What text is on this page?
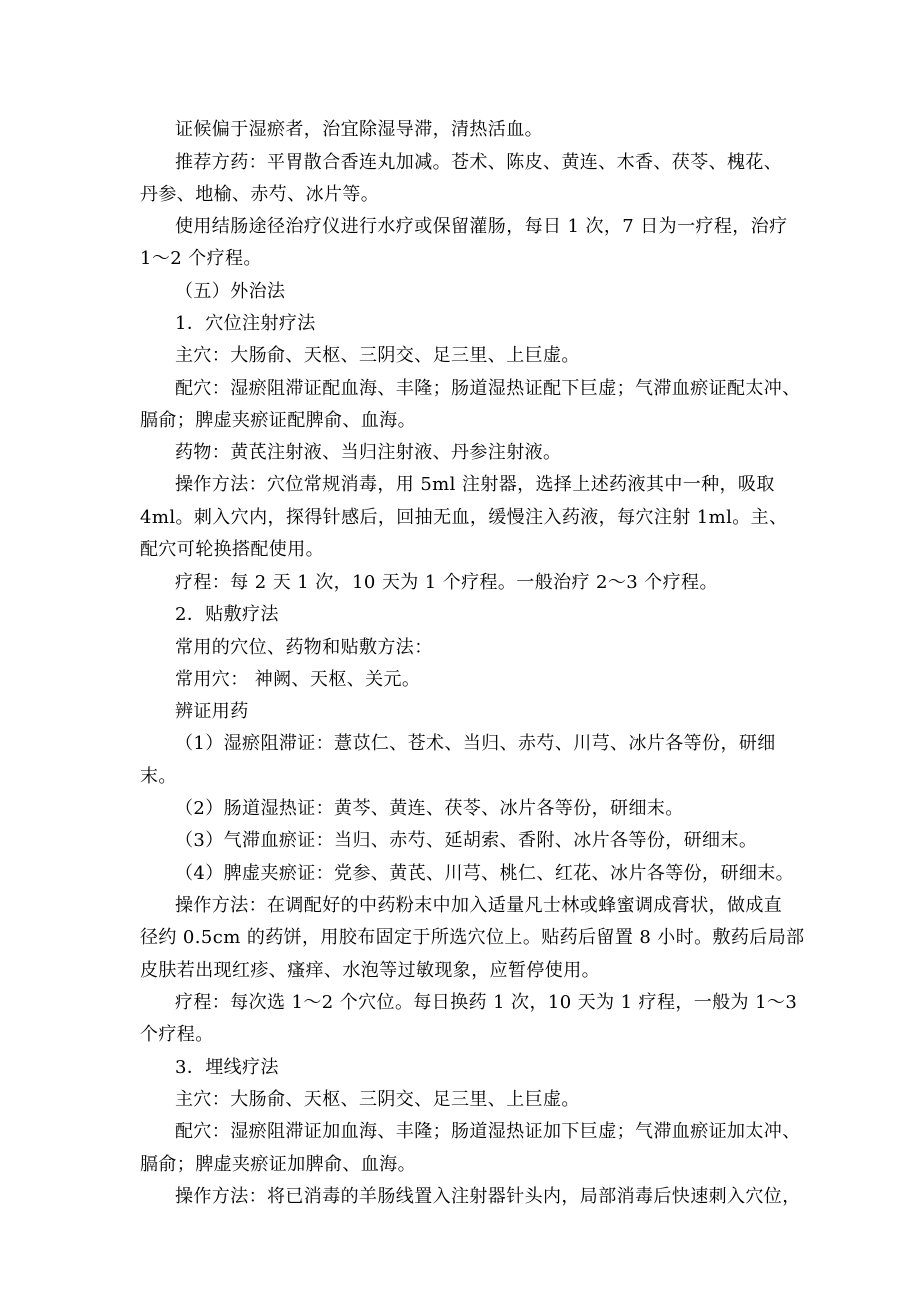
证候偏于湿瘀者，治宜除湿导滞，清热活血。
推荐方药：平胃散合香连丸加减。苍术、陈皮、黄连、木香、茯苓、槐花、
丹参、地榆、赤芍、冰片等。
使用结肠途径治疗仪进行水疗或保留灌肠，每日 1 次，7 日为一疗程，治疗
1～2 个疗程。
（五）外治法
1．穴位注射疗法
主穴：大肠俞、天枢、三阴交、足三里、上巨虚。
配穴：湿瘀阻滞证配血海、丰隆；肠道湿热证配下巨虚；气滞血瘀证配太冲、
膈俞；脾虚夹瘀证配脾俞、血海。
药物：黄芪注射液、当归注射液、丹参注射液。
操作方法：穴位常规消毒，用 5ml 注射器，选择上述药液其中一种，吸取
4ml。刺入穴内，探得针感后，回抽无血，缓慢注入药液，每穴注射 1ml。主、
配穴可轮换搭配使用。
疗程：每 2 天 1 次，10 天为 1 个疗程。一般治疗 2～3 个疗程。
2．贴敷疗法
常用的穴位、药物和贴敷方法：
常用穴： 神阙、天枢、关元。
辨证用药
（1）湿瘀阻滞证：薏苡仁、苍术、当归、赤芍、川芎、冰片各等份，研细
末。
（2）肠道湿热证：黄芩、黄连、茯苓、冰片各等份，研细末。
（3）气滞血瘀证：当归、赤芍、延胡索、香附、冰片各等份，研细末。
（4）脾虚夹瘀证：党参、黄芪、川芎、桃仁、红花、冰片各等份，研细末。
操作方法：在调配好的中药粉末中加入适量凡士林或蜂蜜调成膏状，做成直
径约 0.5cm 的药饼，用胶布固定于所选穴位上。贴药后留置 8 小时。敷药后局部
皮肤若出现红疹、瘙痒、水泡等过敏现象，应暂停使用。
疗程：每次选 1～2 个穴位。每日换药 1 次，10 天为 1 疗程，一般为 1～3
个疗程。
3．埋线疗法
主穴：大肠俞、天枢、三阴交、足三里、上巨虚。
配穴：湿瘀阻滞证加血海、丰隆；肠道湿热证加下巨虚；气滞血瘀证加太冲、
膈俞；脾虚夹瘀证加脾俞、血海。
操作方法：将已消毒的羊肠线置入注射器针头内，局部消毒后快速刺入穴位，
